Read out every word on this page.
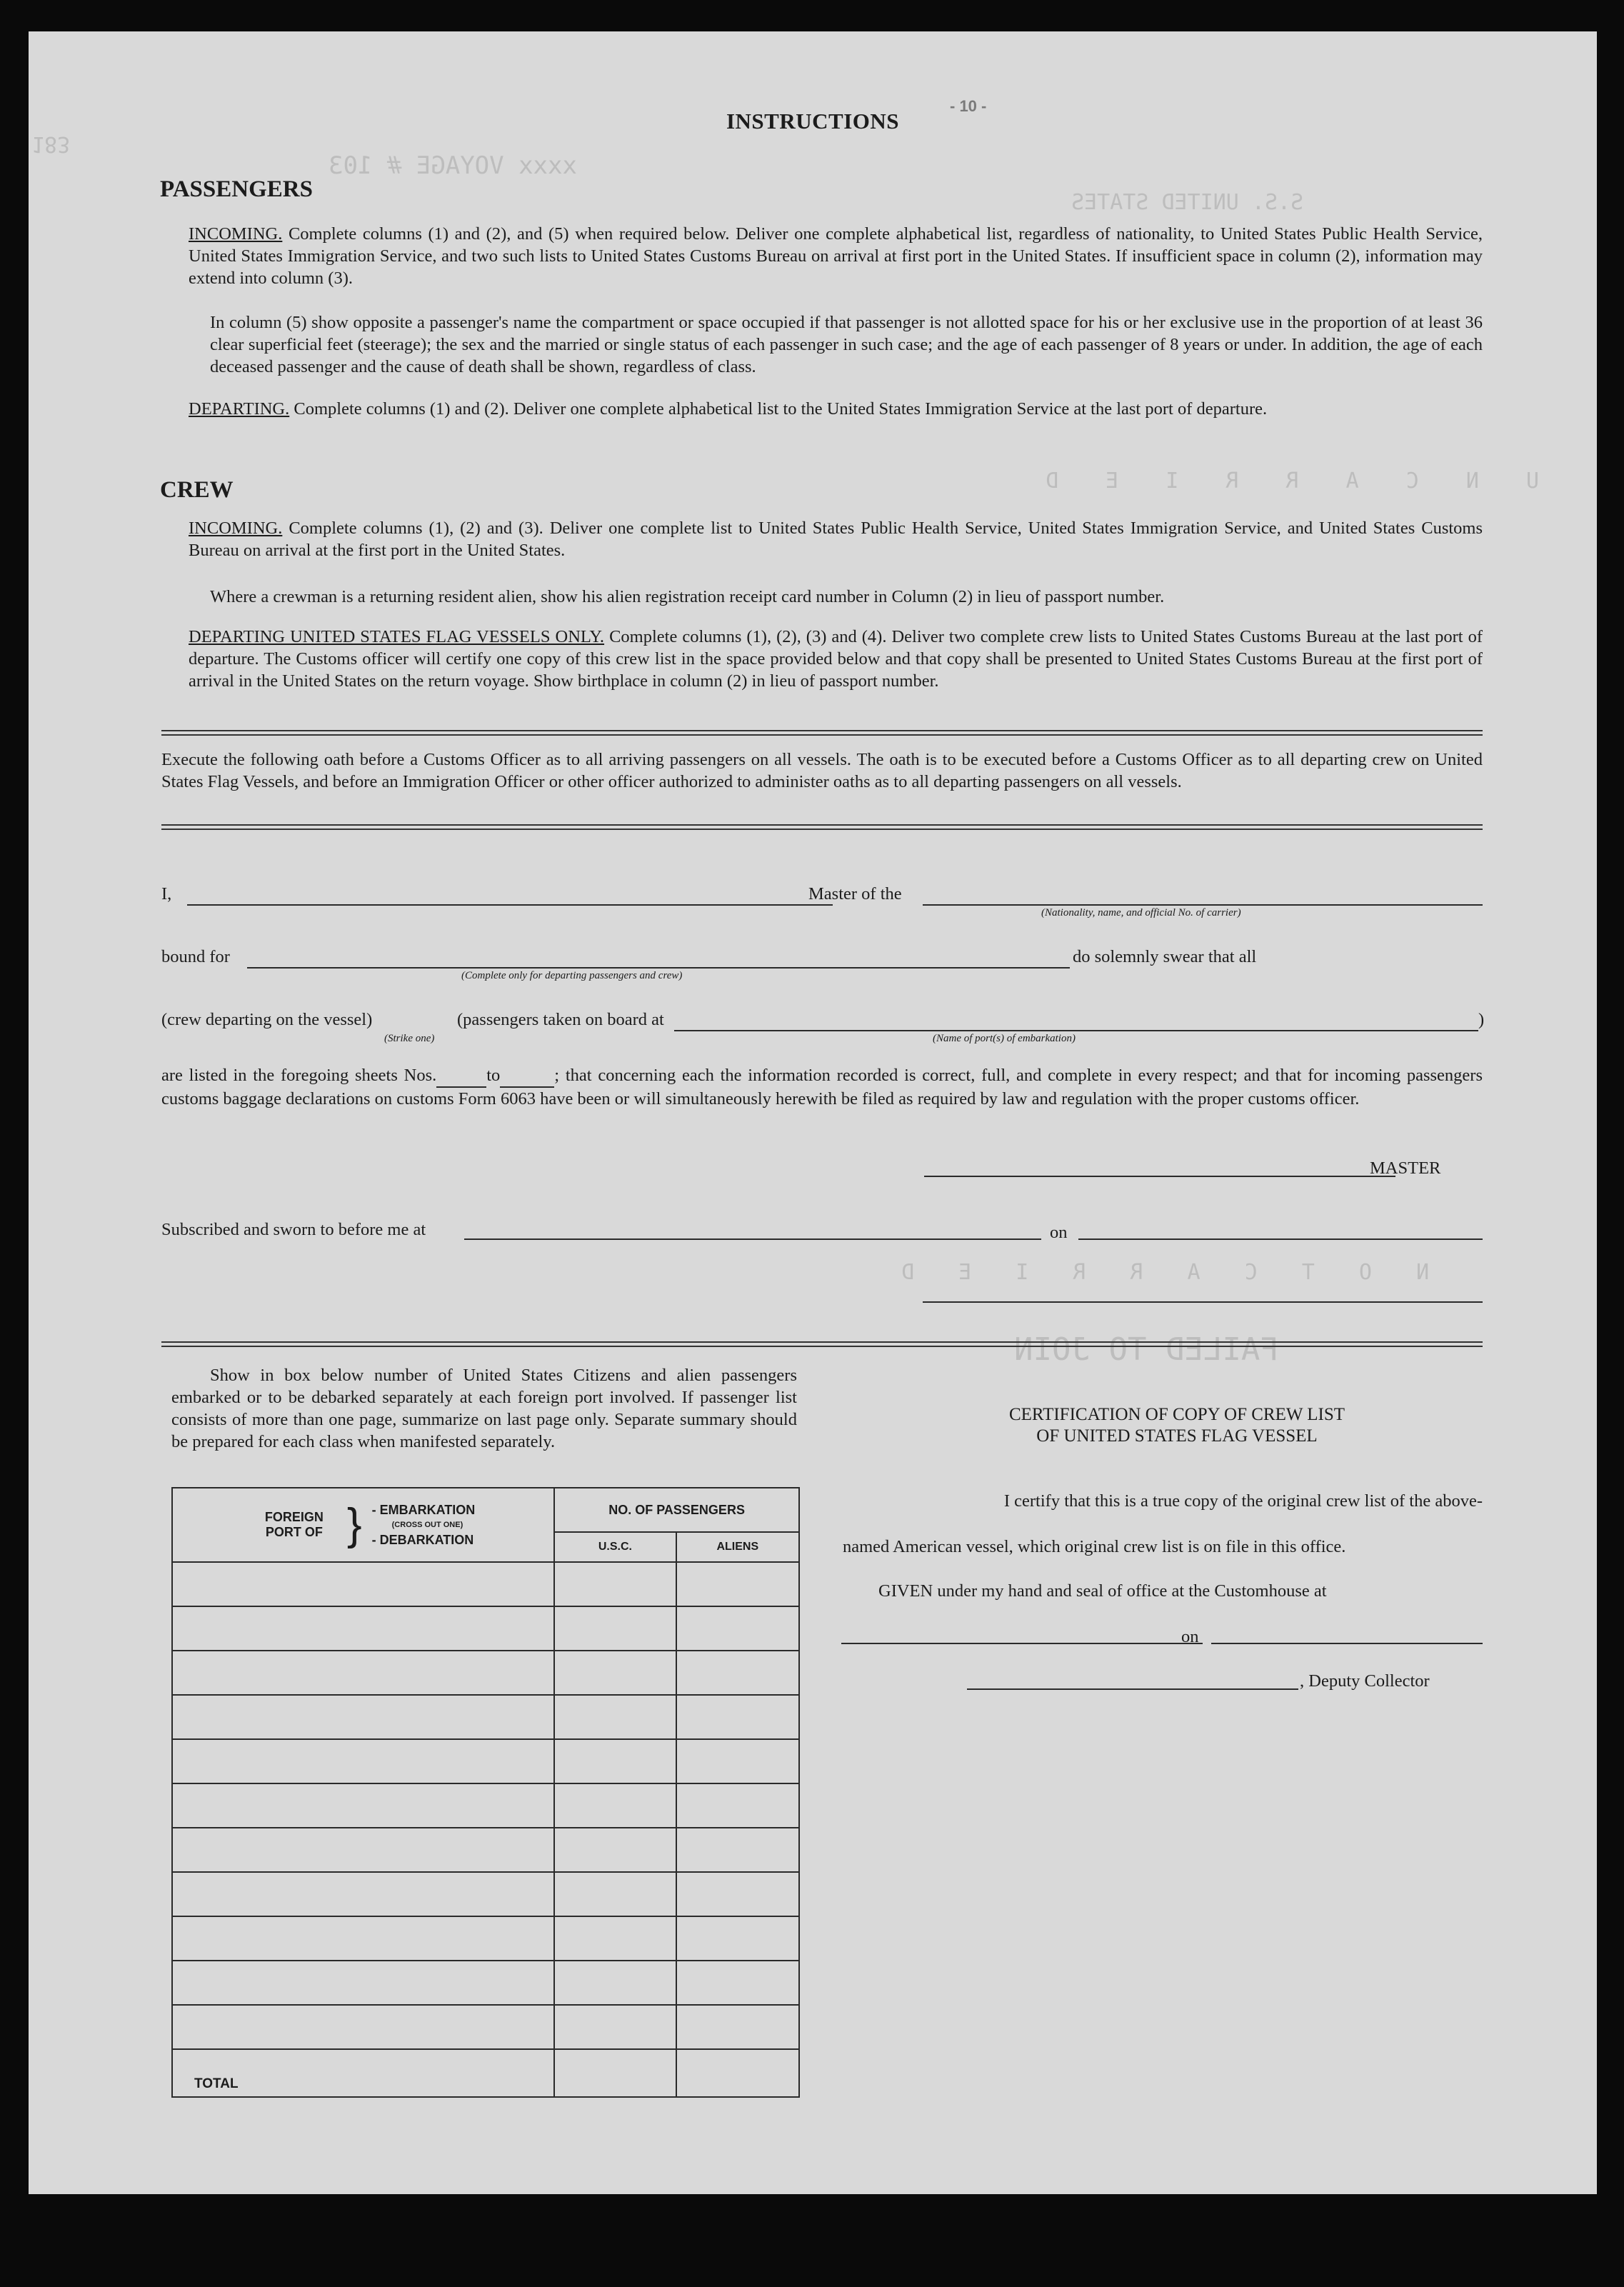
xxxx VOYAGE # 103
S.S. UNITED STATES
U N C A R R I E D
N O T C A R R I E D
FAILED TO JOIN
183
- 10 -
INSTRUCTIONS
PASSENGERS
INCOMING. Complete columns (1) and (2), and (5) when required below. Deliver one complete alphabetical list, regardless of nationality, to United States Public Health Service, United States Immigration Service, and two such lists to United States Customs Bureau on arrival at first port in the United States. If insufficient space in column (2), information may extend into column (3).
In column (5) show opposite a passenger's name the compartment or space occupied if that passenger is not allotted space for his or her exclusive use in the proportion of at least 36 clear superficial feet (steerage); the sex and the married or single status of each passenger in such case; and the age of each passenger of 8 years or under. In addition, the age of each deceased passenger and the cause of death shall be shown, regardless of class.
DEPARTING. Complete columns (1) and (2). Deliver one complete alphabetical list to the United States Immigration Service at the last port of departure.
CREW
INCOMING. Complete columns (1), (2) and (3). Deliver one complete list to United States Public Health Service, United States Immigration Service, and United States Customs Bureau on arrival at the first port in the United States.
Where a crewman is a returning resident alien, show his alien registration receipt card number in Column (2) in lieu of passport number.
DEPARTING UNITED STATES FLAG VESSELS ONLY. Complete columns (1), (2), (3) and (4). Deliver two complete crew lists to United States Customs Bureau at the last port of departure. The Customs officer will certify one copy of this crew list in the space provided below and that copy shall be presented to United States Customs Bureau at the first port of arrival in the United States on the return voyage. Show birthplace in column (2) in lieu of passport number.
Execute the following oath before a Customs Officer as to all arriving passengers on all vessels. The oath is to be executed before a Customs Officer as to all departing crew on United States Flag Vessels, and before an Immigration Officer or other officer authorized to administer oaths as to all departing passengers on all vessels.
I,	Master of the
(Nationality, name, and official No. of carrier)
bound for
(Complete only for departing passengers and crew)
do solemnly swear that all
(crew departing on the vessel)	(passengers taken on board at	)
(Strike one)	(Name of port(s) of embarkation)
are listed in the foregoing sheets Nos.	to	; that concerning each the information recorded is correct, full, and complete in every respect; and that for incoming passengers customs baggage declarations on customs Form 6063 have been or will simultaneously herewith be filed as required by law and regulation with the proper customs officer.
MASTER
Subscribed and sworn to before me at	on
Show in box below number of United States Citizens and alien passengers embarked or to be debarked separately at each foreign port involved. If passenger list consists of more than one page, summarize on last page only. Separate summary should be prepared for each class when manifested separately.
FOREIGN PORT OF } - EMBARKATION
(CROSS OUT ONE)
- DEBARKATION	NO. OF PASSENGERS	
	U.S.C.	ALIENS

TOTAL		
CERTIFICATION OF COPY OF CREW LIST
OF UNITED STATES FLAG VESSEL
I certify that this is a true copy of the original crew list of the above-
named American vessel, which original crew list is on file in this office.
GIVEN under my hand and seal of office at the Customhouse at
on
, Deputy Collector
